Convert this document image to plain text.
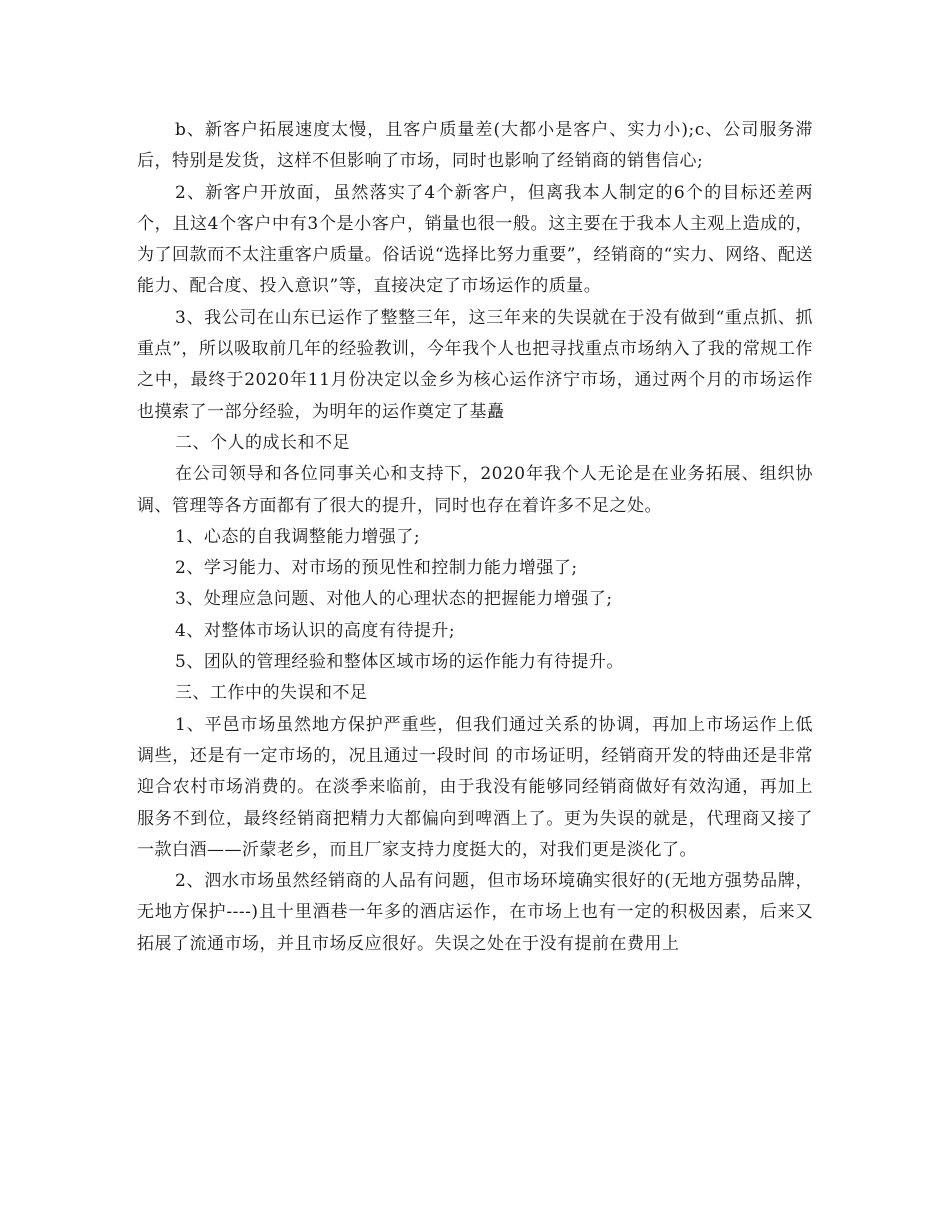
b、新客户拓展速度太慢，且客户质量差(大都小是客户、实力小);c、公司服务滞后，特别是发货，这样不但影响了市场，同时也影响了经销商的销售信心;

2、新客户开放面，虽然落实了4个新客户，但离我本人制定的6个的目标还差两个，且这4个客户中有3个是小客户，销量也很一般。这主要在于我本人主观上造成的，为了回款而不太注重客户质量。俗话说“选择比努力重要”，经销商的“实力、网络、配送能力、配合度、投入意识”等，直接决定了市场运作的质量。

3、我公司在山东已运作了整整三年，这三年来的失误就在于没有做到“重点抓、抓重点”，所以吸取前几年的经验教训，今年我个人也把寻找重点市场纳入了我的常规工作之中，最终于2020年11月份决定以金乡为核心运作济宁市场，通过两个月的市场运作也摸索了一部分经验，为明年的运作奠定了基矗

二、个人的成长和不足

在公司领导和各位同事关心和支持下，2020年我个人无论是在业务拓展、组织协调、管理等各方面都有了很大的提升，同时也存在着许多不足之处。

1、心态的自我调整能力增强了;

2、学习能力、对市场的预见性和控制力能力增强了;

3、处理应急问题、对他人的心理状态的把握能力增强了;

4、对整体市场认识的高度有待提升;

5、团队的管理经验和整体区域市场的运作能力有待提升。

三、工作中的失误和不足

1、平邑市场虽然地方保护严重些，但我们通过关系的协调，再加上市场运作上低调些，还是有一定市场的，况且通过一段时间 的市场证明，经销商开发的特曲还是非常迎合农村市场消费的。在淡季来临前，由于我没有能够同经销商做好有效沟通，再加上服务不到位，最终经销商把精力大都偏向到啤酒上了。更为失误的就是，代理商又接了一款白酒——沂蒙老乡，而且厂家支持力度挺大的，对我们更是淡化了。

2、泗水市场虽然经销商的人品有问题，但市场环境确实很好的(无地方强势品牌，无地方保护----)且十里酒巷一年多的酒店运作，在市场上也有一定的积极因素，后来又拓展了流通市场，并且市场反应很好。失误之处在于没有提前在费用上
